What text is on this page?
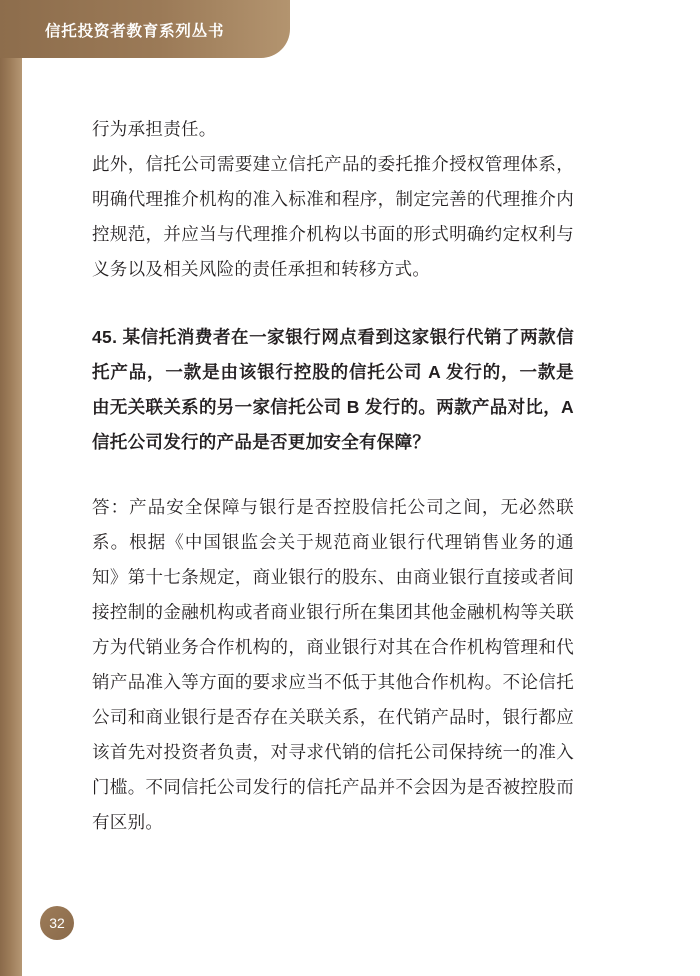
信托投资者教育系列丛书

行为承担责任。

此外，信托公司需要建立信托产品的委托推介授权管理体系，明确代理推介机构的准入标准和程序，制定完善的代理推介内控规范，并应当与代理推介机构以书面的形式明确约定权利与义务以及相关风险的责任承担和转移方式。

45. 某信托消费者在一家银行网点看到这家银行代销了两款信托产品，一款是由该银行控股的信托公司 A 发行的，一款是由无关联关系的另一家信托公司 B 发行的。两款产品对比，A 信托公司发行的产品是否更加安全有保障？

答：产品安全保障与银行是否控股信托公司之间，无必然联系。根据《中国银监会关于规范商业银行代理销售业务的通知》第十七条规定，商业银行的股东、由商业银行直接或者间接控制的金融机构或者商业银行所在集团其他金融机构等关联方为代销业务合作机构的，商业银行对其在合作机构管理和代销产品准入等方面的要求应当不低于其他合作机构。不论信托公司和商业银行是否存在关联关系，在代销产品时，银行都应该首先对投资者负责，对寻求代销的信托公司保持统一的准入门槛。不同信托公司发行的信托产品并不会因为是否被控股而有区别。

32
